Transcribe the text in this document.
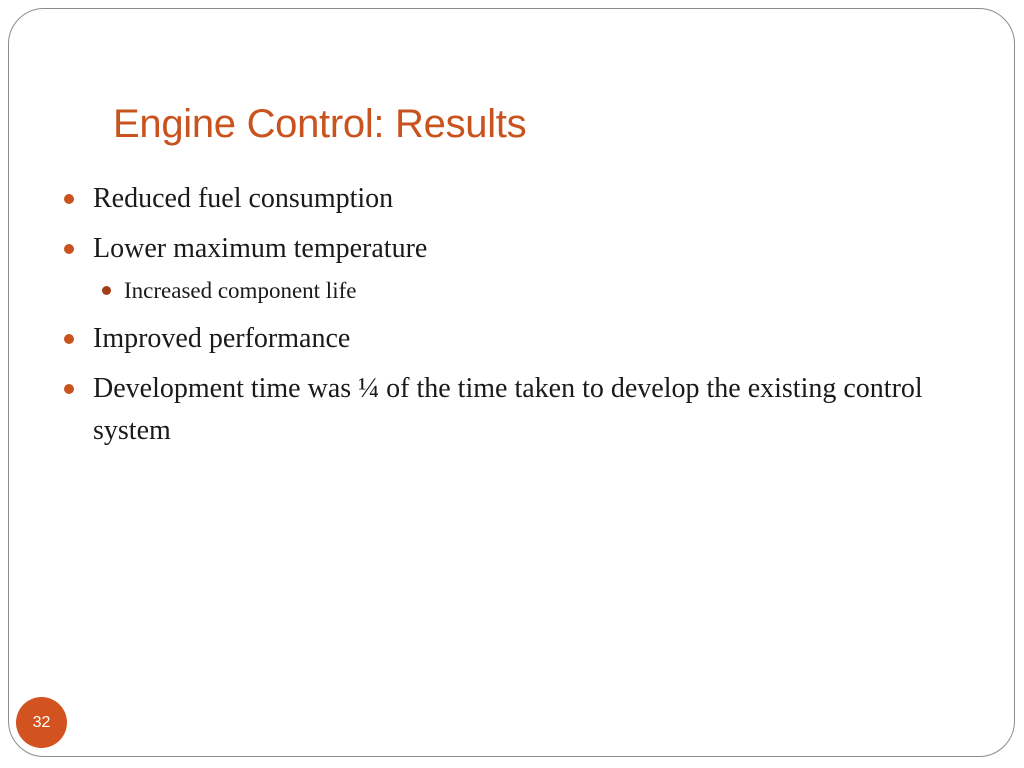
Engine Control: Results
Reduced fuel consumption
Lower maximum temperature
Increased component life
Improved performance
Development time was ¼ of the time taken to develop the existing control system
32
